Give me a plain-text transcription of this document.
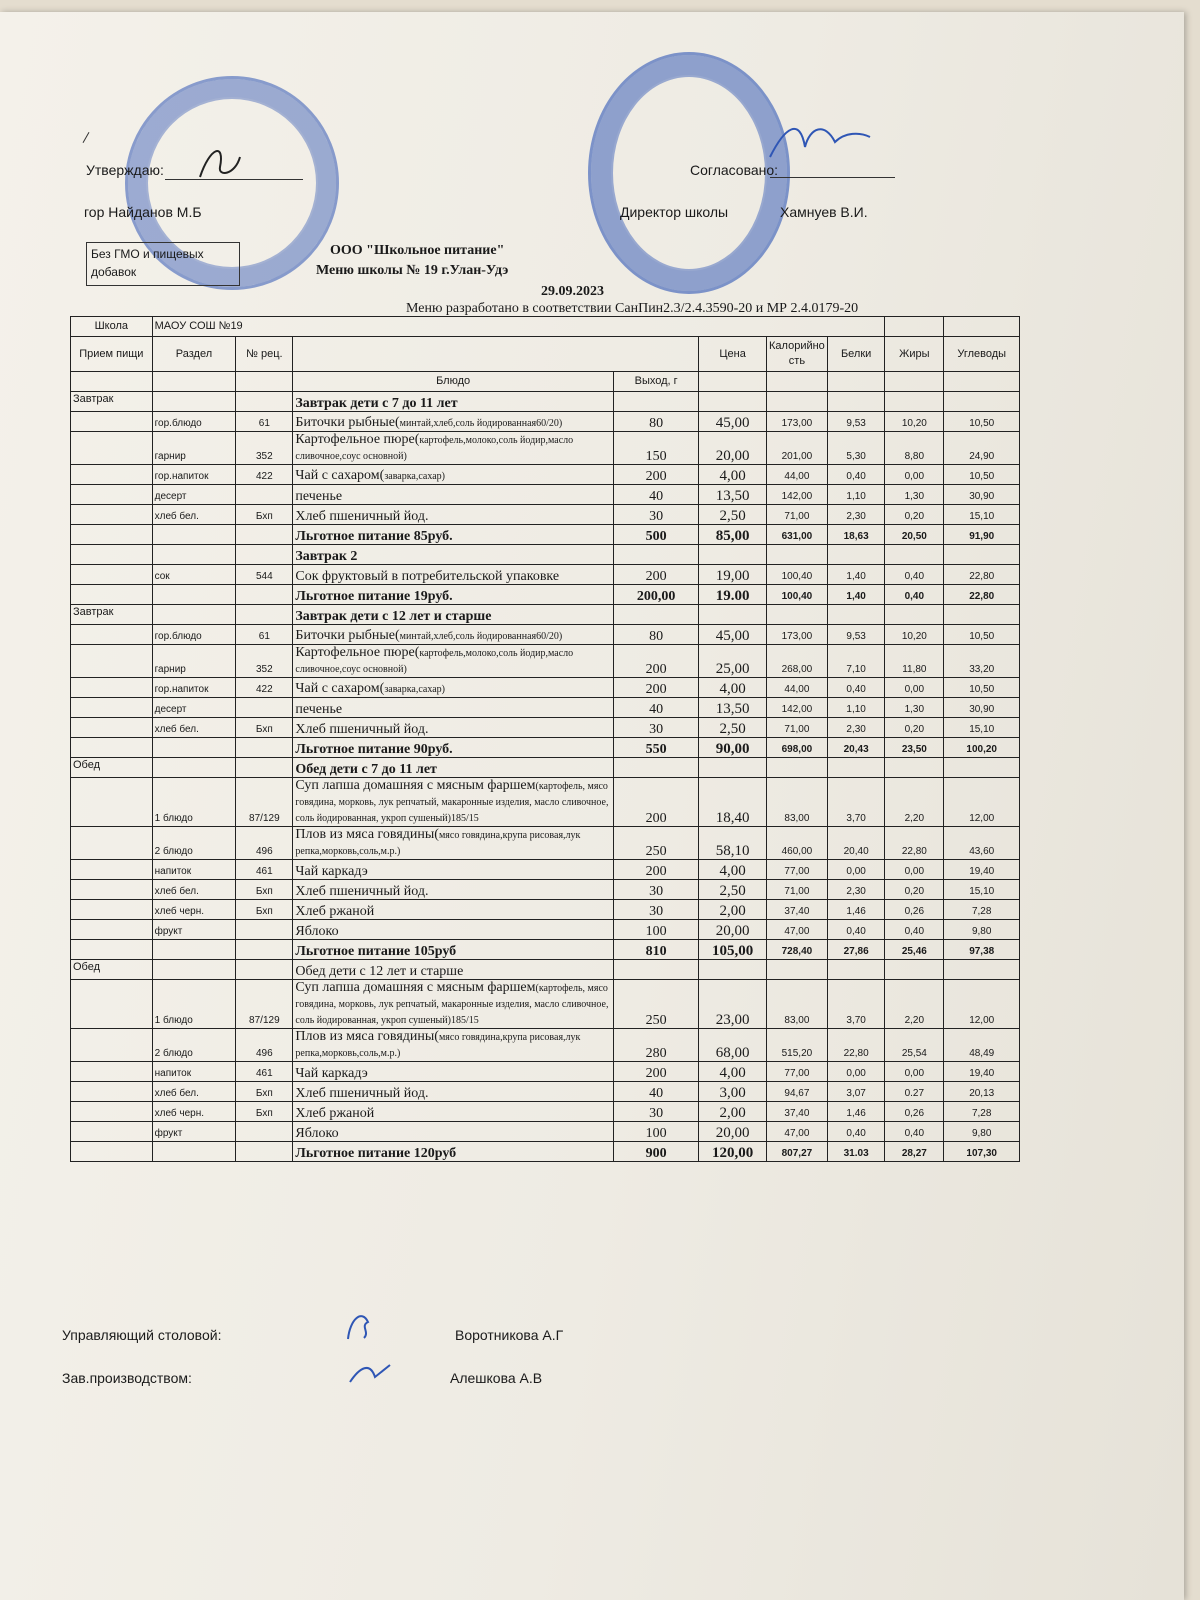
Утверждаю:
гор Найданов М.Б
Согласовано:
Директор школы	Хамнуев В.И.
Без ГМО и пищевых добавок
ООО "Школьное питание"
Меню школы № 19 г.Улан-Удэ
29.09.2023
Меню разработано в соответствии СанПин2.3/2.4.3590-20 и МР 2.4.0179-20
Школа	МАОУ СОШ №19								
Прием пищи	Раздел	№ рец.			Цена	Калорийность	Белки	Жиры	Углеводы
			Блюдо	Выход, г					
Завтрак			Завтрак дети с 7 до 11 лет						
	гор.блюдо	61	Биточки рыбные(минтай,хлеб,соль йодированная60/20)	80	45,00	173,00	9,53	10,20	10,50
	гарнир	352	Картофельное пюре(картофель,молоко,соль йодир,масло сливочное,соус основной)	150	20,00	201,00	5,30	8,80	24,90
	гор.напиток	422	Чай с сахаром(заварка,сахар)	200	4,00	44,00	0,40	0,00	10,50
	десерт		печенье	40	13,50	142,00	1,10	1,30	30,90
	хлеб бел.	Бхп	Хлеб пшеничный йод.	30	2,50	71,00	2,30	0,20	15,10
			Льготное питание 85руб.	500	85,00	631,00	18,63	20,50	91,90
			Завтрак 2						
	сок	544	Сок фруктовый в потребительской упаковке	200	19,00	100,40	1,40	0,40	22,80
			Льготное питание 19руб.	200,00	19.00	100,40	1,40	0,40	22,80
Завтрак			Завтрак дети с 12 лет и старше						
	гор.блюдо	61	Биточки рыбные(минтай,хлеб,соль йодированная60/20)	80	45,00	173,00	9,53	10,20	10,50
	гарнир	352	Картофельное пюре(картофель,молоко,соль йодир,масло сливочное,соус основной)	200	25,00	268,00	7,10	11,80	33,20
	гор.напиток	422	Чай с сахаром(заварка,сахар)	200	4,00	44,00	0,40	0,00	10,50
	десерт		печенье	40	13,50	142,00	1,10	1,30	30,90
	хлеб бел.	Бхп	Хлеб пшеничный йод.	30	2,50	71,00	2,30	0,20	15,10
			Льготное питание 90руб.	550	90,00	698,00	20,43	23,50	100,20
Обед			Обед дети с 7 до 11 лет						
	1 блюдо	87/129	Суп лапша домашняя с мясным фаршем(картофель, мясо говядина, морковь, лук репчатый, макаронные изделия, масло сливочное, соль йодированная, укроп сушеный)185/15	200	18,40	83,00	3,70	2,20	12,00
	2 блюдо	496	Плов из мяса говядины(мясо говядина,крупа рисовая,лук репка,морковь,соль,м.р.)	250	58,10	460,00	20,40	22,80	43,60
	напиток	461	Чай каркадэ	200	4,00	77,00	0,00	0,00	19,40
	хлеб бел.	Бхп	Хлеб пшеничный йод.	30	2,50	71,00	2,30	0,20	15,10
	хлеб черн.	Бхп	Хлеб ржаной	30	2,00	37,40	1,46	0,26	7,28
	фрукт		Яблоко	100	20,00	47,00	0,40	0,40	9,80
			Льготное питание 105руб	810	105,00	728,40	27,86	25,46	97,38
Обед			Обед дети с 12 лет и старше						
	1 блюдо	87/129	Суп лапша домашняя с мясным фаршем(картофель, мясо говядина, морковь, лук репчатый, макаронные изделия, масло сливочное, соль йодированная, укроп сушеный)185/15	250	23,00	83,00	3,70	2,20	12,00
	2 блюдо	496	Плов из мяса говядины(мясо говядина,крупа рисовая,лук репка,морковь,соль,м.р.)	280	68,00	515,20	22,80	25,54	48,49
	напиток	461	Чай каркадэ	200	4,00	77,00	0,00	0,00	19,40
	хлеб бел.	Бхп	Хлеб пшеничный йод.	40	3,00	94,67	3,07	0.27	20,13
	хлеб черн.	Бхп	Хлеб ржаной	30	2,00	37,40	1,46	0,26	7,28
	фрукт		Яблоко	100	20,00	47,00	0,40	0,40	9,80
			Льготное питание 120руб	900	120,00	807,27	31.03	28,27	107,30
Управляющий столовой:	Воротникова А.Г
Зав.производством:	Алешкова А.В
